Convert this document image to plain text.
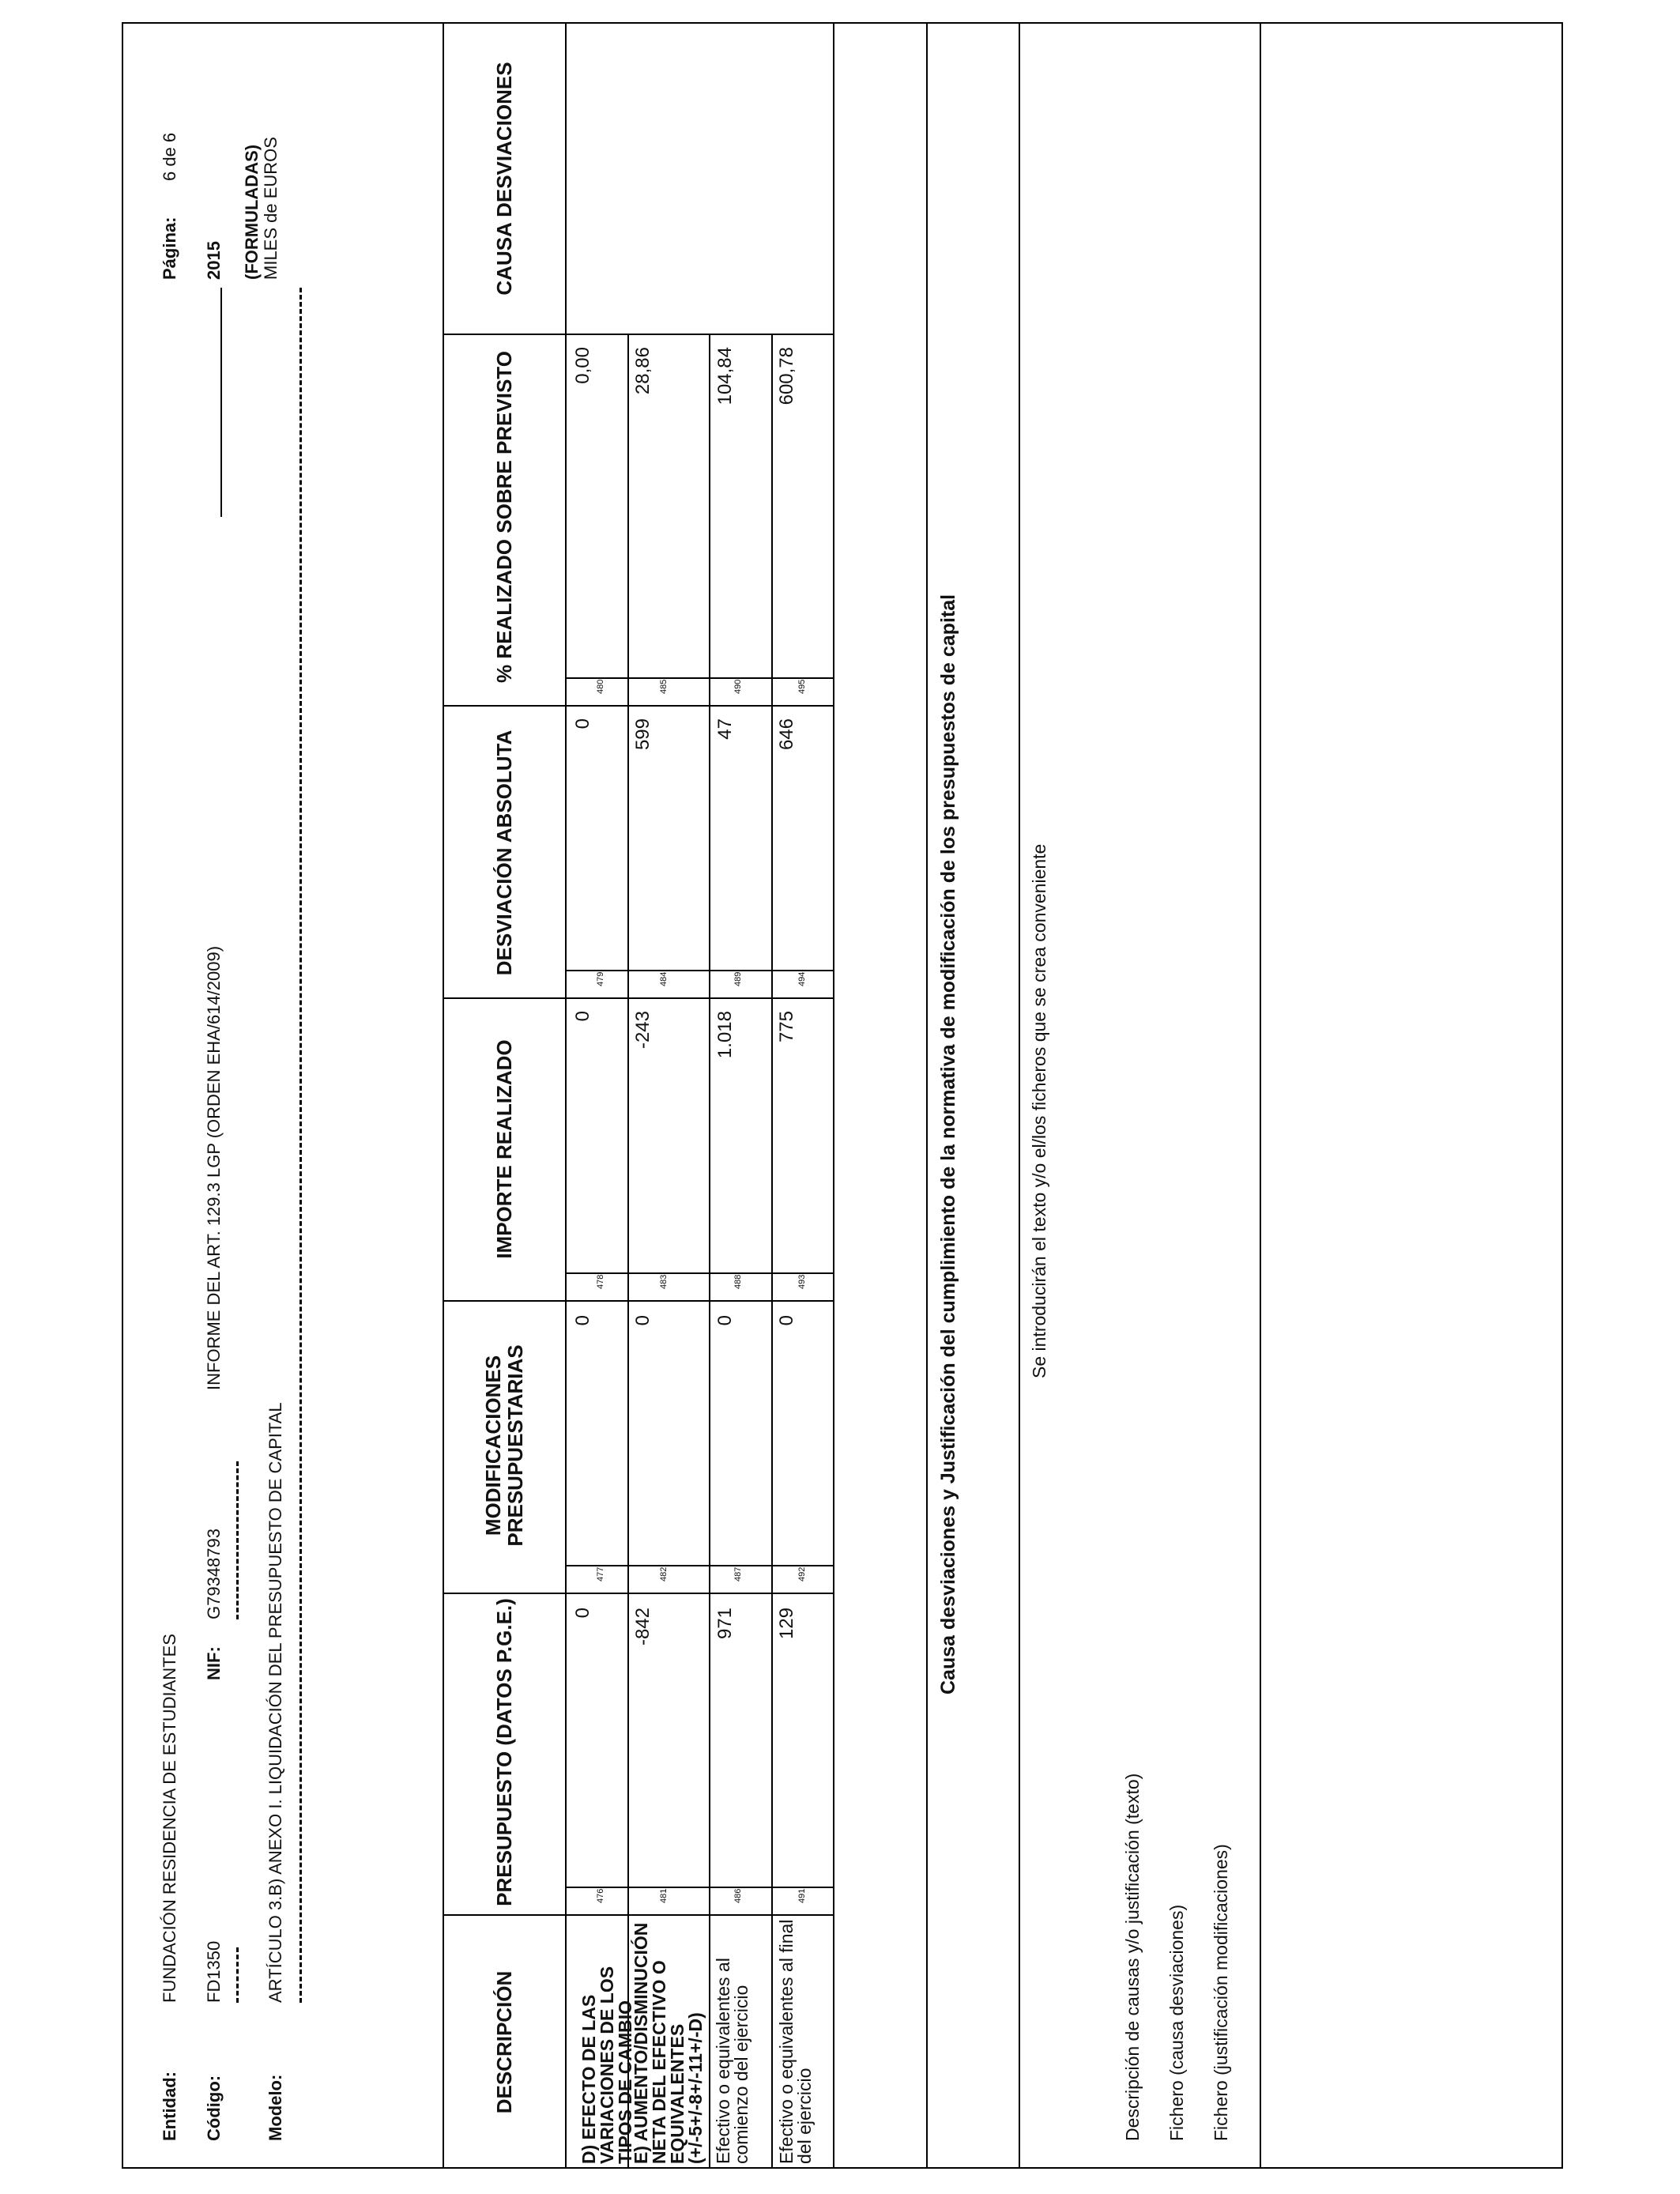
Entidad:
FUNDACIÓN RESIDENCIA DE ESTUDIANTES
Código:
FD1350
NIF:
G79348793
INFORME DEL ART. 129.3 LGP (ORDEN EHA/614/2009)
Modelo:
ARTÍCULO 3.B) ANEXO I. LIQUIDACIÓN DEL PRESUPUESTO DE CAPITAL
Página:
6 de 6
2015 (FORMULADAS) MILES de EUROS
DESCRIPCIÓN
PRESUPUESTO (DATOS P.G.E.)
MODIFICACIONES PRESUPUESTARIAS
IMPORTE REALIZADO
DESVIACIÓN ABSOLUTA
% REALIZADO SOBRE PREVISTO
CAUSA DESVIACIONES
D) EFECTO DE LAS VARIACIONES DE LOS TIPOS DE CAMBIO
476
0
477
478
0
479
0
480
0
0,00
E) AUMENTO/DISMINUCIÓN NETA DEL EFECTIVO O EQUIVALENTES (+/-5+/-8+/-11+/-D)
481
482
-842
483
0
484
-243
485
599
28,86
Efectivo o equivalentes al comienzo del ejercicio
486
487
971
488
0
489
1.018
490
47
104,84
Efectivo o equivalentes al final del ejercicio
491
492
129
493
0
494
775
495
646
600,78
Causa desviaciones y Justificación del cumplimiento de la normativa de modificación de los presupuestos de capital	Se introducirán el texto y/o el/los ficheros que se crea conveniente
Descripción de causas y/o justificación (texto) Fichero (causa desviaciones) Fichero (justificación modificaciones)
